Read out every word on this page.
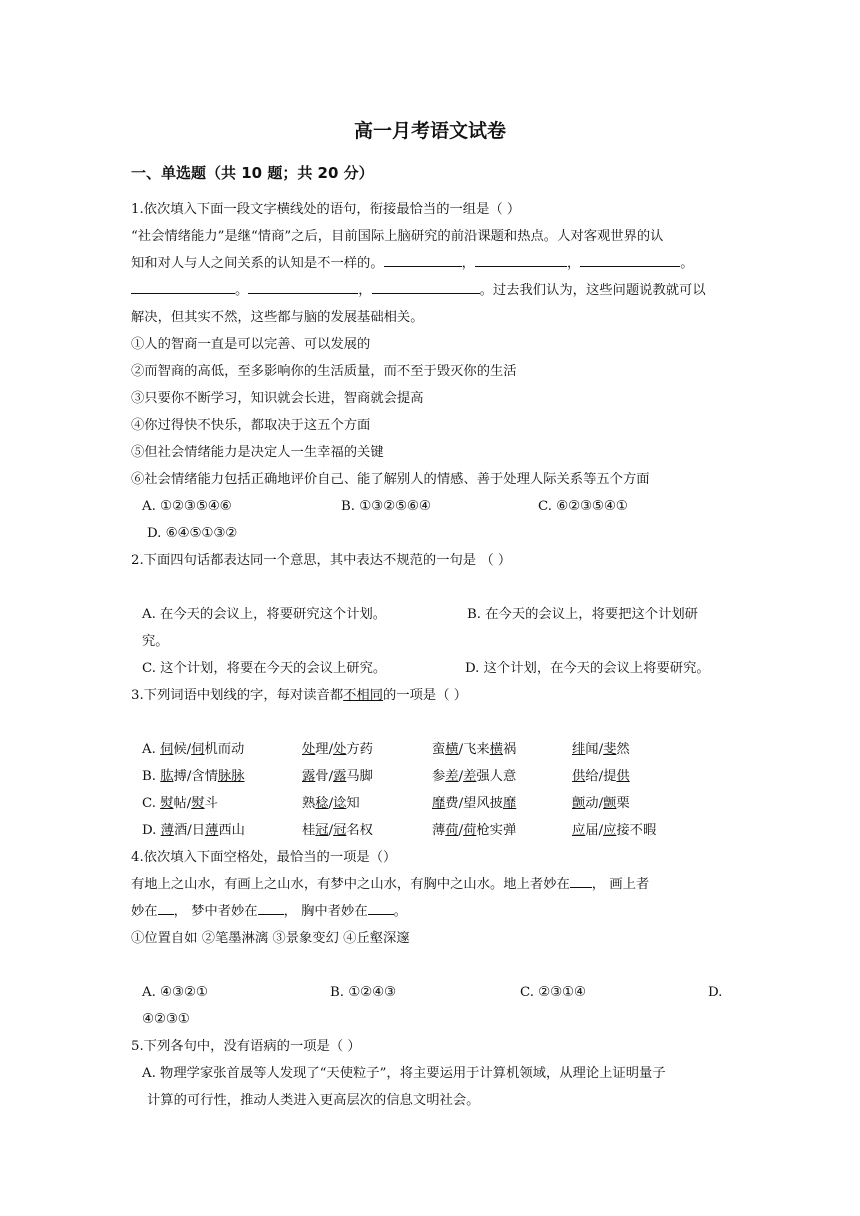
高一月考语文试卷
一、单选题（共 10 题；共 20 分）
1.依次填入下面一段文字横线处的语句，衔接最恰当的一组是（ ）
“社会情绪能力”是继“情商”之后，目前国际上脑研究的前沿课题和热点。人对客观世界的认
知和对人与人之间关系的认知是不一样的。	，	，	。
。	，	。过去我们认为，这些问题说教就可以
解决，但其实不然，这些都与脑的发展基础相关。
①人的智商一直是可以完善、可以发展的
②而智商的高低，至多影响你的生活质量，而不至于毁灭你的生活
③只要你不断学习，知识就会长进，智商就会提高
④你过得快不快乐，都取决于这五个方面
⑤但社会情绪能力是决定人一生幸福的关键
⑥社会情绪能力包括正确地评价自己、能了解别人的情感、善于处理人际关系等五个方面
A. ①②③⑤④⑥	B. ①③②⑤⑥④	C. ⑥②③⑤④①
D. ⑥④⑤①③②
2.下面四句话都表达同一个意思，其中表达不规范的一句是 （ ）
A. 在今天的会议上，将要研究这个计划。	B. 在今天的会议上，将要把这个计划研
究。
C. 这个计划，将要在今天的会议上研究。	D. 这个计划，在今天的会议上将要研究。
3.下列词语中划线的字，每对读音都不相同的一项是（ ）
A. 伺候/伺机而动	处理/处方药	蛮横/飞来横祸	绯闻/斐然
B. 肱搏/含情脉脉	露骨/露马脚	参差/差强人意	供给/提供
C. 熨帖/熨斗	熟稔/谂知	靡费/望风披靡	颤动/颤栗
D. 薄酒/日薄西山	桂冠/冠名权	薄荷/荷枪实弹	应届/应接不暇
4.依次填入下面空格处，最恰当的一项是（）
有地上之山水，有画上之山水，有梦中之山水，有胸中之山水。地上者妙在 ， 画上者
妙在 ， 梦中者妙在 ， 胸中者妙在 。
①位置自如 ②笔墨淋漓 ③景象变幻 ④丘壑深邃
A. ④③②①	B. ①②④③	C. ②③①④	D.
④②③①
5.下列各句中，没有语病的一项是（ ）
A. 物理学家张首晟等人发现了“天使粒子”，将主要运用于计算机领域，从理论上证明量子
计算的可行性，推动人类进入更高层次的信息文明社会。
